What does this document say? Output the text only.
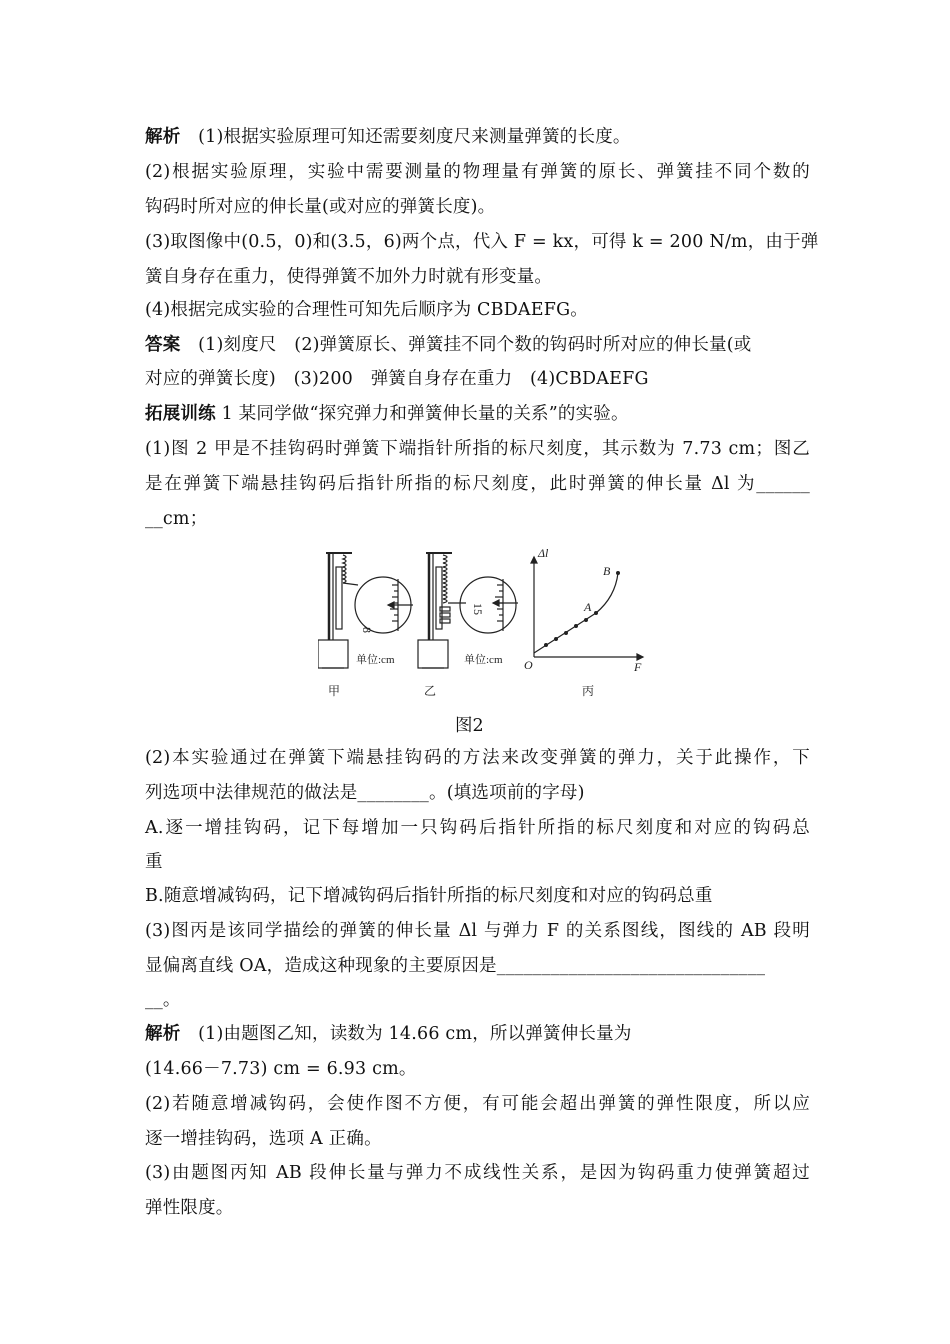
解析　(1)根据实验原理可知还需要刻度尺来测量弹簧的长度。
(2)根据实验原理，实验中需要测量的物理量有弹簧的原长、弹簧挂不同个数的
钩码时所对应的伸长量(或对应的弹簧长度)。
(3)取图像中(0.5，0)和(3.5，6)两个点，代入 F = kx，可得 k = 200 N/m，由于弹
簧自身存在重力，使得弹簧不加外力时就有形变量。
(4)根据完成实验的合理性可知先后顺序为 CBDAEFG。
答案　(1)刻度尺　(2)弹簧原长、弹簧挂不同个数的钩码时所对应的伸长量(或
对应的弹簧长度)　(3)200　弹簧自身存在重力　(4)CBDAEFG
拓展训练 1 某同学做“探究弹力和弹簧伸长量的关系”的实验。
(1)图 2 甲是不挂钩码时弹簧下端指针所指的标尺刻度，其示数为 7.73 cm；图乙
是在弹簧下端悬挂钩码后指针所指的标尺刻度，此时弹簧的伸长量 Δl 为______
__cm；
8
15
单位:cm	单位:cm
甲	乙	丙
Δl
F
O
A
B
图2
(2)本实验通过在弹簧下端悬挂钩码的方法来改变弹簧的弹力，关于此操作，下
列选项中法律规范的做法是________。(填选项前的字母)
A.逐一增挂钩码，记下每增加一只钩码后指针所指的标尺刻度和对应的钩码总
重
B.随意增减钩码，记下增减钩码后指针所指的标尺刻度和对应的钩码总重
(3)图丙是该同学描绘的弹簧的伸长量 Δl 与弹力 F 的关系图线，图线的 AB 段明
显偏离直线 OA，造成这种现象的主要原因是______________________________
__。
解析　(1)由题图乙知，读数为 14.66 cm，所以弹簧伸长量为
(14.66－7.73) cm = 6.93 cm。
(2)若随意增减钩码，会使作图不方便，有可能会超出弹簧的弹性限度，所以应
逐一增挂钩码，选项 A 正确。
(3)由题图丙知 AB 段伸长量与弹力不成线性关系，是因为钩码重力使弹簧超过
弹性限度。
